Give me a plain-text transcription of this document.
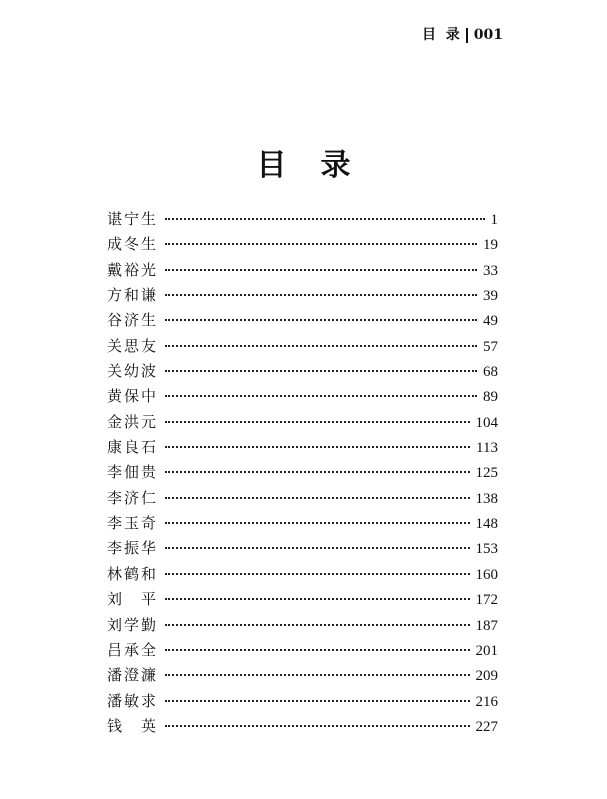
目  录 001
目录
谌宁生	1
成冬生	19
戴裕光	33
方和谦	39
谷济生	49
关思友	57
关幼波	68
黄保中	89
金洪元	104
康良石	113
李佃贵	125
李济仁	138
李玉奇	148
李振华	153
林鹤和	160
刘平	172
刘学勤	187
吕承全	201
潘澄濂	209
潘敏求	216
钱英	227
